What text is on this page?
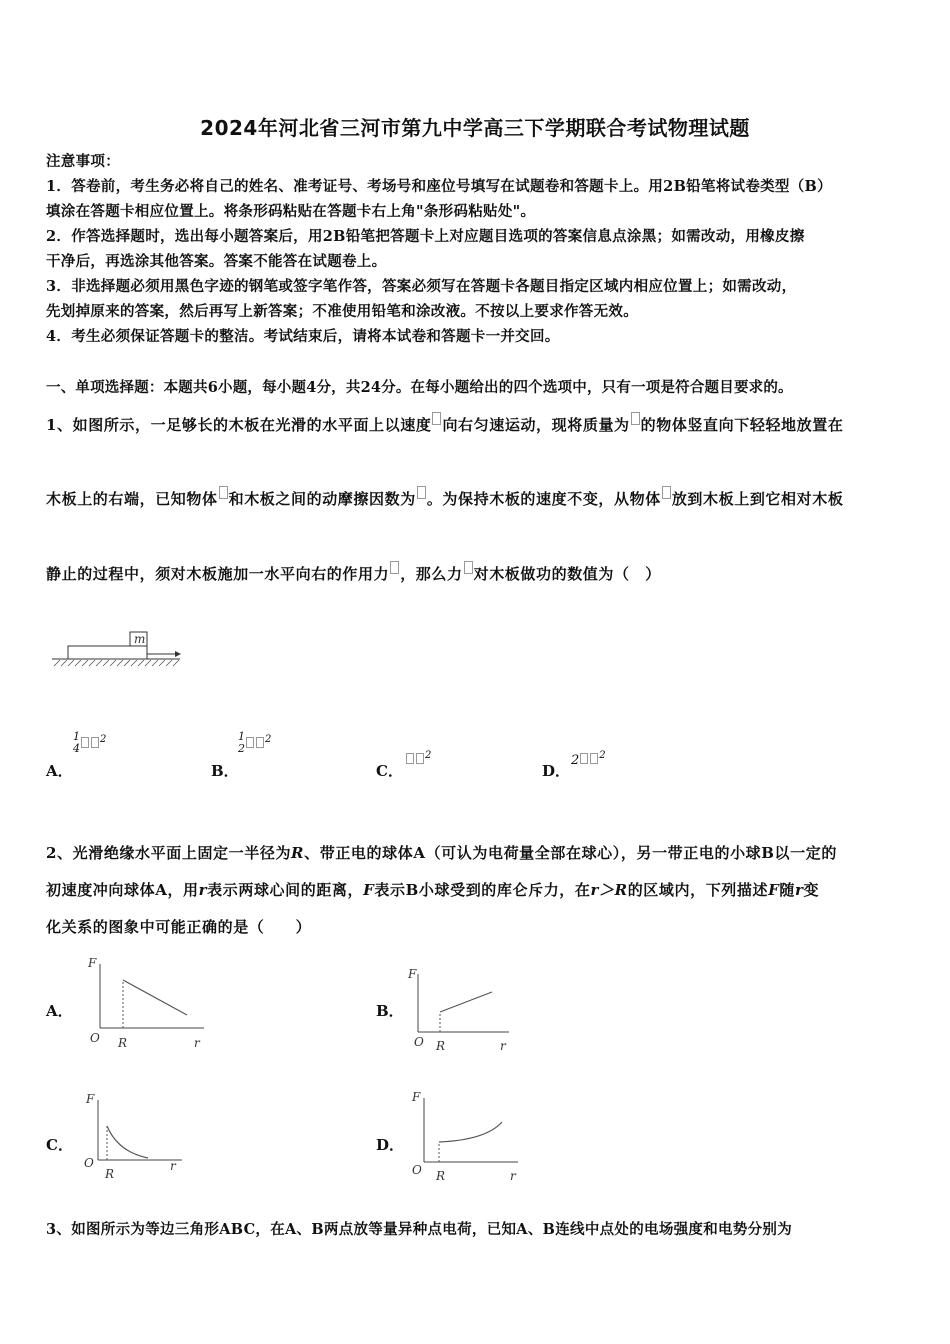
2024年河北省三河市第九中学高三下学期联合考试物理试题
注意事项：
1．答卷前，考生务必将自己的姓名、准考证号、考场号和座位号填写在试题卷和答题卡上。用2B铅笔将试卷类型（B）
填涂在答题卡相应位置上。将条形码粘贴在答题卡右上角"条形码粘贴处"。
2．作答选择题时，选出每小题答案后，用2B铅笔把答题卡上对应题目选项的答案信息点涂黑；如需改动，用橡皮擦
干净后，再选涂其他答案。答案不能答在试题卷上。
3．非选择题必须用黑色字迹的钢笔或签字笔作答，答案必须写在答题卡各题目指定区域内相应位置上；如需改动，
先划掉原来的答案，然后再写上新答案；不准使用铅笔和涂改液。不按以上要求作答无效。
4．考生必须保证答题卡的整洁。考试结束后，请将本试卷和答题卡一并交回。
一、单项选择题：本题共6小题，每小题4分，共24分。在每小题给出的四个选项中，只有一项是符合题目要求的。
1、如图所示，一足够长的木板在光滑的水平面上以速度 向右匀速运动，现将质量为 的物体竖直向下轻轻地放置在
木板上的右端，已知物体 和木板之间的动摩擦因数为 。为保持木板的速度不变，从物体 放到木板上到它相对木板
静止的过程中，须对木板施加一水平向右的作用力 ，那么力 对木板做功的数值为（　）
m
A．
1
4
$^2$
B．
1
2
$^2$
C．
$^2$
D．
2 $^2$
2、光滑绝缘水平面上固定一半径为R、带正电的球体A（可认为电荷量全部在球心），另一带正电的小球B以一定的
初速度冲向球体A，用r表示两球心间的距离，F表示B小球受到的库仑斥力，在r＞R的区域内，下列描述F随r变
化关系的图象中可能正确的是（　　）
A．
F
O R	r
B．
F
O R	r
C．
F
O
R
r
D．
F
O R	r
3、如图所示为等边三角形ABC，在A、B两点放等量异种点电荷，已知A、B连线中点处的电场强度和电势分别为
